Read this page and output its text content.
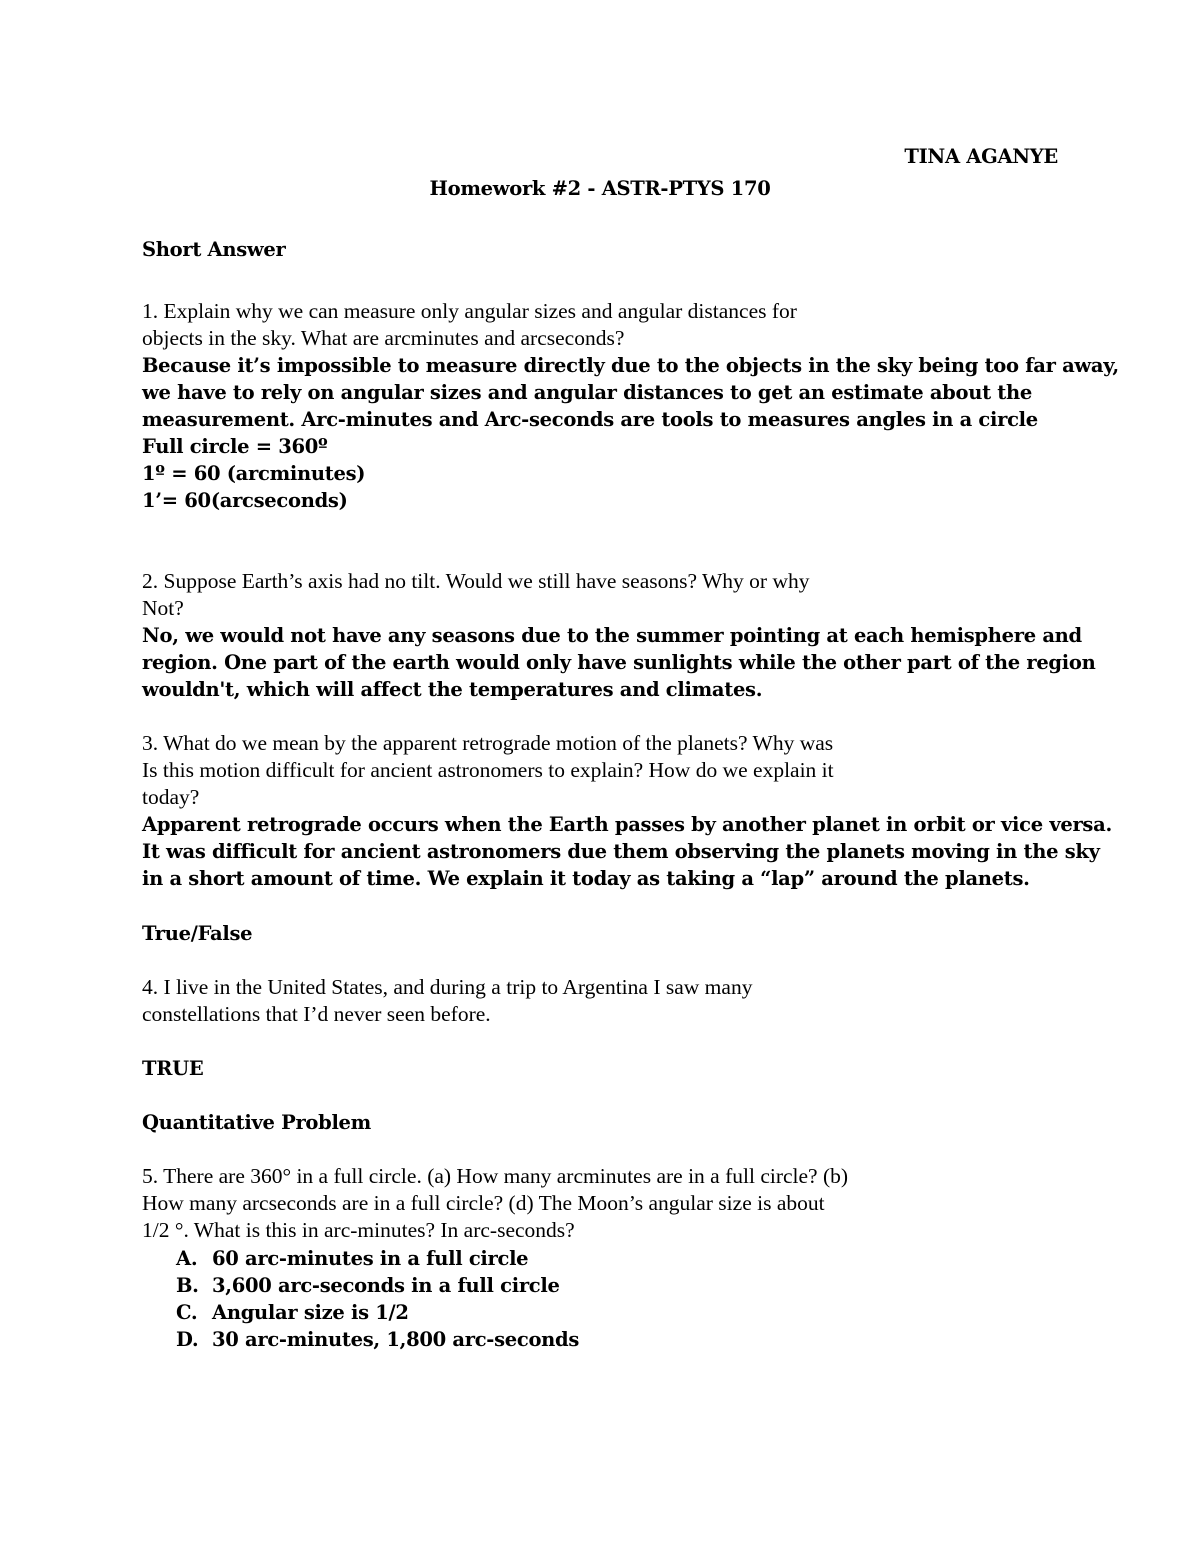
TINA AGANYE
Homework #2 - ASTR-PTYS 170
Short Answer
1. Explain why we can measure only angular sizes and angular distances for
objects in the sky. What are arcminutes and arcseconds?
Because it’s impossible to measure directly due to the objects in the sky being too far away,
we have to rely on angular sizes and angular distances to get an estimate about the
measurement. Arc-minutes and Arc-seconds are tools to measures angles in a circle
Full circle = 360º
1º = 60 (arcminutes)
1’= 60(arcseconds)
2. Suppose Earth’s axis had no tilt. Would we still have seasons? Why or why
Not?
No, we would not have any seasons due to the summer pointing at each hemisphere and
region. One part of the earth would only have sunlights while the other part of the region
wouldn't, which will affect the temperatures and climates.
3. What do we mean by the apparent retrograde motion of the planets? Why was
Is this motion difficult for ancient astronomers to explain? How do we explain it
today?
Apparent retrograde occurs when the Earth passes by another planet in orbit or vice versa.
It was difficult for ancient astronomers due them observing the planets moving in the sky
in a short amount of time. We explain it today as taking a “lap” around the planets.
True/False
4. I live in the United States, and during a trip to Argentina I saw many
constellations that I’d never seen before.
TRUE
Quantitative Problem
5. There are 360° in a full circle. (a) How many arcminutes are in a full circle? (b)
How many arcseconds are in a full circle? (d) The Moon’s angular size is about
1/2 °. What is this in arc-minutes? In arc-seconds?
A. 60 arc-minutes in a full circle
B. 3,600 arc-seconds in a full circle
C. Angular size is 1/2
D. 30 arc-minutes, 1,800 arc-seconds
